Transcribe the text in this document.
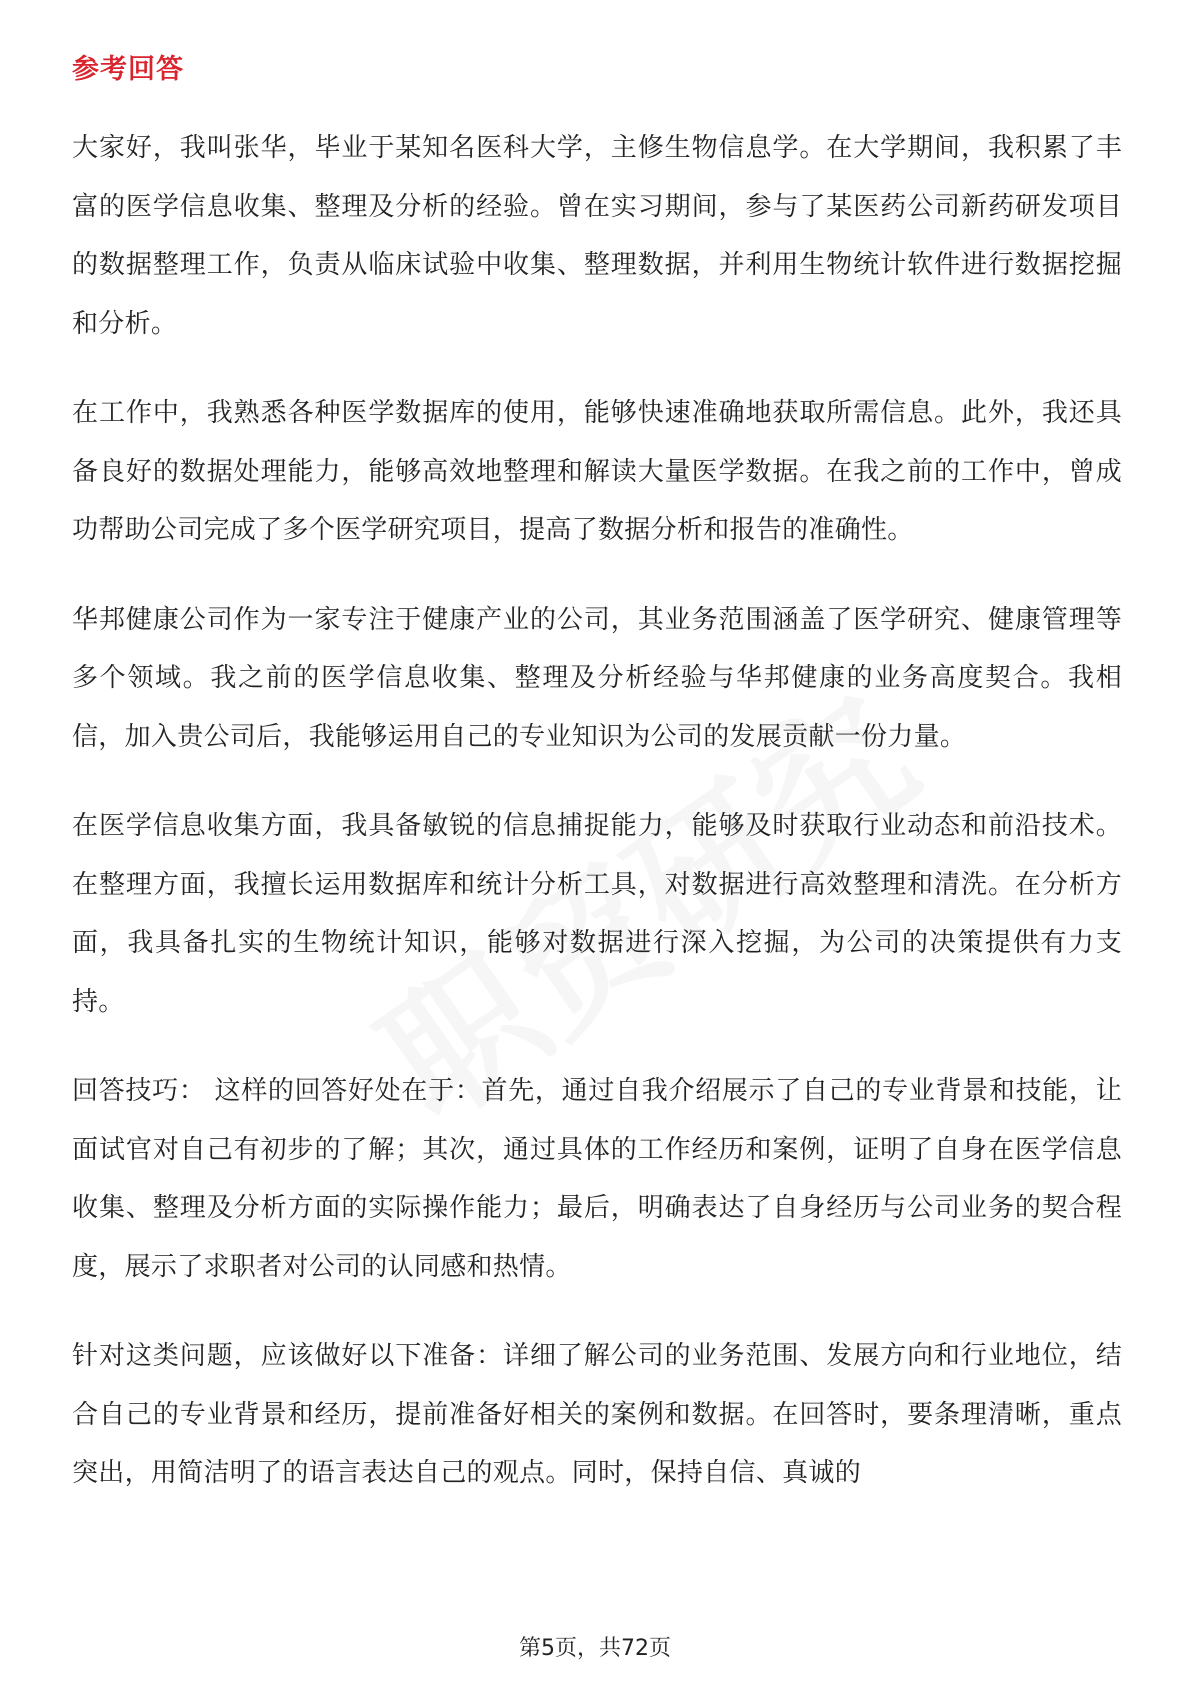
参考回答

大家好，我叫张华，毕业于某知名医科大学，主修生物信息学。在大学期间，我积累了丰富的医学信息收集、整理及分析的经验。曾在实习期间，参与了某医药公司新药研发项目的数据整理工作，负责从临床试验中收集、整理数据，并利用生物统计软件进行数据挖掘和分析。

在工作中，我熟悉各种医学数据库的使用，能够快速准确地获取所需信息。此外，我还具备良好的数据处理能力，能够高效地整理和解读大量医学数据。在我之前的工作中，曾成功帮助公司完成了多个医学研究项目，提高了数据分析和报告的准确性。

华邦健康公司作为一家专注于健康产业的公司，其业务范围涵盖了医学研究、健康管理等多个领域。我之前的医学信息收集、整理及分析经验与华邦健康的业务高度契合。我相信，加入贵公司后，我能够运用自己的专业知识为公司的发展贡献一份力量。

在医学信息收集方面，我具备敏锐的信息捕捉能力，能够及时获取行业动态和前沿技术。在整理方面，我擅长运用数据库和统计分析工具，对数据进行高效整理和清洗。在分析方面，我具备扎实的生物统计知识，能够对数据进行深入挖掘，为公司的决策提供有力支持。

回答技巧： 这样的回答好处在于：首先，通过自我介绍展示了自己的专业背景和技能，让面试官对自己有初步的了解；其次，通过具体的工作经历和案例，证明了自身在医学信息收集、整理及分析方面的实际操作能力；最后，明确表达了自身经历与公司业务的契合程度，展示了求职者对公司的认同感和热情。

针对这类问题，应该做好以下准备：详细了解公司的业务范围、发展方向和行业地位，结合自己的专业背景和经历，提前准备好相关的案例和数据。在回答时，要条理清晰，重点突出，用简洁明了的语言表达自己的观点。同时，保持自信、真诚的

第5页，共72页
